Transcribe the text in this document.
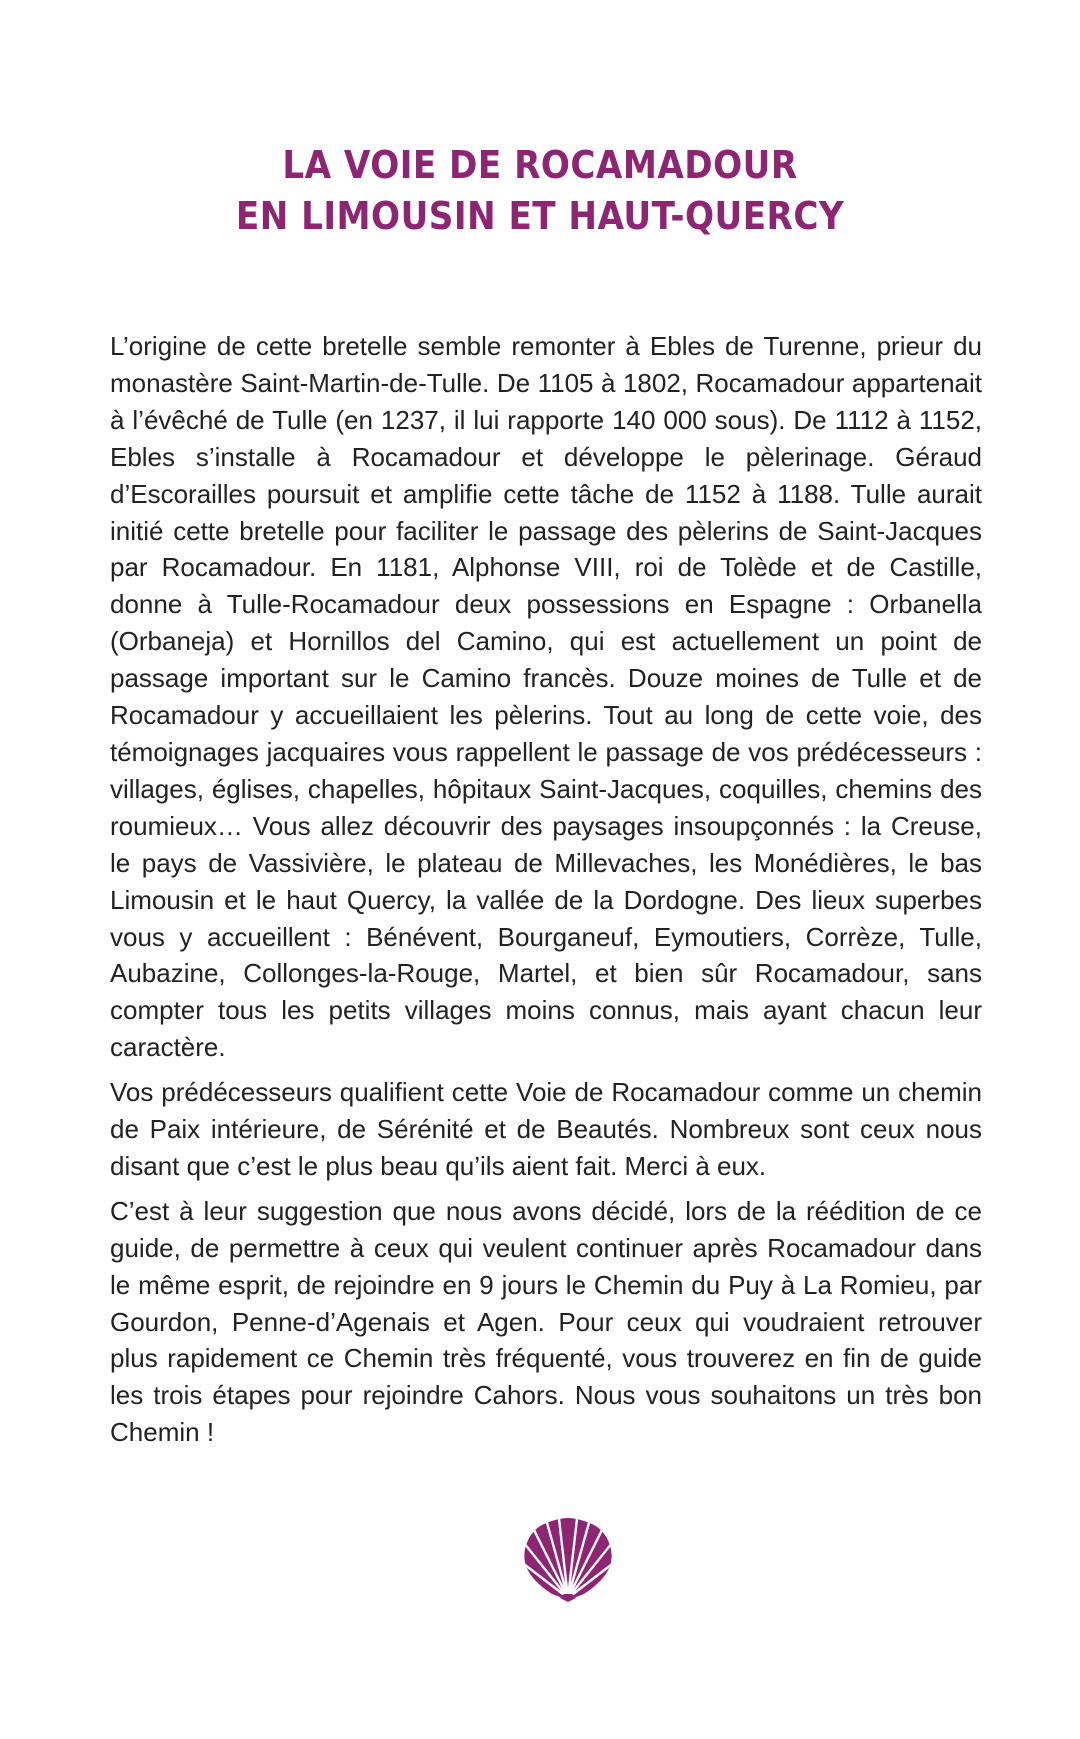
LA VOIE DE ROCAMADOUR
EN LIMOUSIN ET HAUT-QUERCY

L’origine de cette bretelle semble remonter à Ebles de Turenne, prieur du monastère Saint-Martin-de-Tulle. De 1105 à 1802, Rocamadour appartenait à l’évêché de Tulle (en 1237, il lui rapporte 140 000 sous). De 1112 à 1152, Ebles s’installe à Rocamadour et développe le pèlerinage. Géraud d’Escorailles poursuit et amplifie cette tâche de 1152 à 1188. Tulle aurait initié cette bretelle pour faciliter le passage des pèlerins de Saint-Jacques par Rocamadour. En 1181, Alphonse VIII, roi de Tolède et de Castille, donne à Tulle-Rocamadour deux possessions en Espagne : Orbanella (Orbaneja) et Hornillos del Camino, qui est actuellement un point de passage important sur le Camino francès. Douze moines de Tulle et de Rocamadour y accueillaient les pèlerins. Tout au long de cette voie, des témoignages jacquaires vous rappellent le passage de vos prédécesseurs : villages, églises, chapelles, hôpitaux Saint-Jacques, coquilles, chemins des roumieux… Vous allez découvrir des paysages insoupçonnés : la Creuse, le pays de Vassivière, le plateau de Millevaches, les Monédières, le bas Limousin et le haut Quercy, la vallée de la Dordogne. Des lieux superbes vous y accueillent : Bénévent, Bourganeuf, Eymoutiers, Corrèze, Tulle, Aubazine, Collonges-la-Rouge, Martel, et bien sûr Rocamadour, sans compter tous les petits villages moins connus, mais ayant chacun leur caractère.

Vos prédécesseurs qualifient cette Voie de Rocamadour comme un chemin de Paix intérieure, de Sérénité et de Beautés. Nombreux sont ceux nous disant que c’est le plus beau qu’ils aient fait. Merci à eux.

C’est à leur suggestion que nous avons décidé, lors de la réédition de ce guide, de permettre à ceux qui veulent continuer après Rocamadour dans le même esprit, de rejoindre en 9 jours le Chemin du Puy à La Romieu, par Gourdon, Penne-d’Agenais et Agen. Pour ceux qui voudraient retrouver plus rapidement ce Chemin très fréquenté, vous trouverez en fin de guide les trois étapes pour rejoindre Cahors. Nous vous souhaitons un très bon Chemin !
